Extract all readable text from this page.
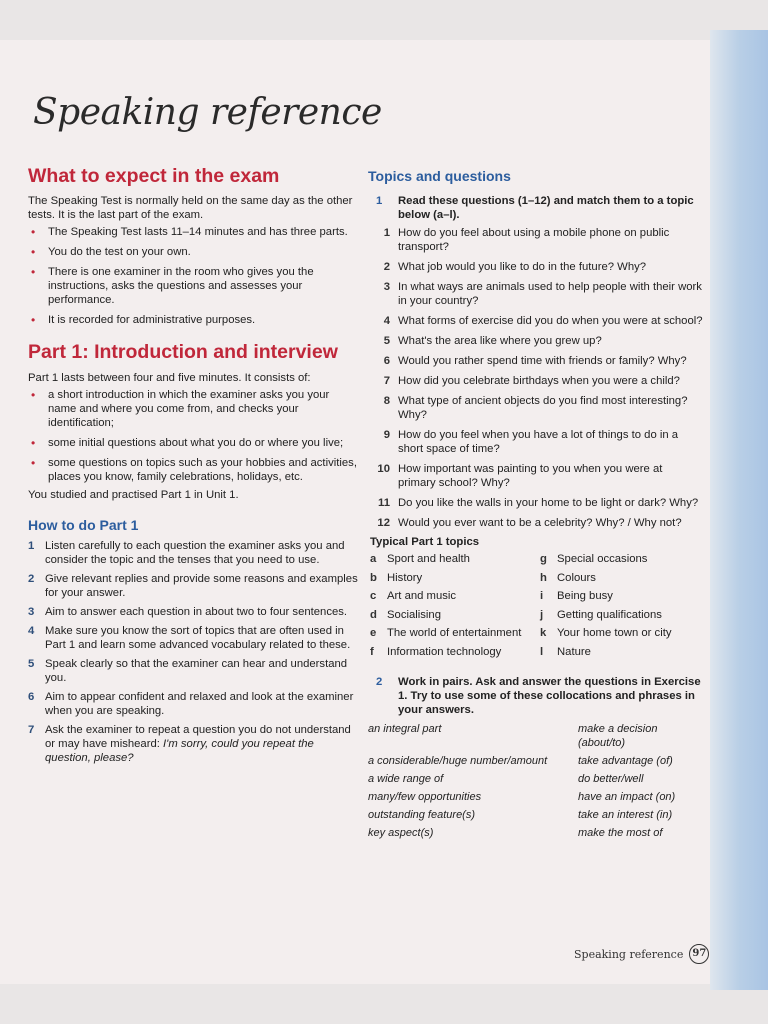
Speaking reference
What to expect in the exam

The Speaking Test is normally held on the same day as the other tests. It is the last part of the exam.

• The Speaking Test lasts 11–14 minutes and has three parts.
• You do the test on your own.
• There is one examiner in the room who gives you the instructions, asks the questions and assesses your performance.
• It is recorded for administrative purposes.
Part 1: Introduction and interview

Part 1 lasts between four and five minutes. It consists of:

• a short introduction in which the examiner asks you your name and where you come from, and checks your identification;
• some initial questions about what you do or where you live;
• some questions on topics such as your hobbies and activities, places you know, family celebrations, holidays, etc.

You studied and practised Part 1 in Unit 1.

How to do Part 1
1 Listen carefully to each question the examiner asks you and consider the topic and the tenses that you need to use.
2 Give relevant replies and provide some reasons and examples for your answer.
3 Aim to answer each question in about two to four sentences.
4 Make sure you know the sort of topics that are often used in Part 1 and learn some advanced vocabulary related to these.
5 Speak clearly so that the examiner can hear and understand you.
6 Aim to appear confident and relaxed and look at the examiner when you are speaking.
7 Ask the examiner to repeat a question you do not understand or may have misheard: I'm sorry, could you repeat the question, please?
Topics and questions
1	Read these questions (1–12) and match them to a topic below (a–l).
1 How do you feel about using a mobile phone on public transport?
2 What job would you like to do in the future? Why?
3 In what ways are animals used to help people with their work in your country?
4 What forms of exercise did you do when you were at school?
5 What's the area like where you grew up?
6 Would you rather spend time with friends or family? Why?
7 How did you celebrate birthdays when you were a child?
8 What type of ancient objects do you find most interesting? Why?
9 How do you feel when you have a lot of things to do in a short space of time?
10 How important was painting to you when you were at primary school? Why?
11 Do you like the walls in your home to be light or dark? Why?
12 Would you ever want to be a celebrity? Why? / Why not?
Typical Part 1 topics
a Sport and health	g Special occasions
b History	h Colours
c Art and music	i	Being busy
d Socialising	j	Getting qualifications
e The world of entertainment k Your home town or city
f	Information technology	l	Nature
2	Work in pairs. Ask and answer the questions in Exercise 1. Try to use some of these collocations and phrases in your answers.
an integral part	make a decision (about/to)
a considerable/huge number/amount	take advantage (of)
a wide range of	do better/well
many/few opportunities	have an impact (on)
outstanding feature(s)	take an interest (in)
key aspect(s)	make the most of
Speaking reference 97
